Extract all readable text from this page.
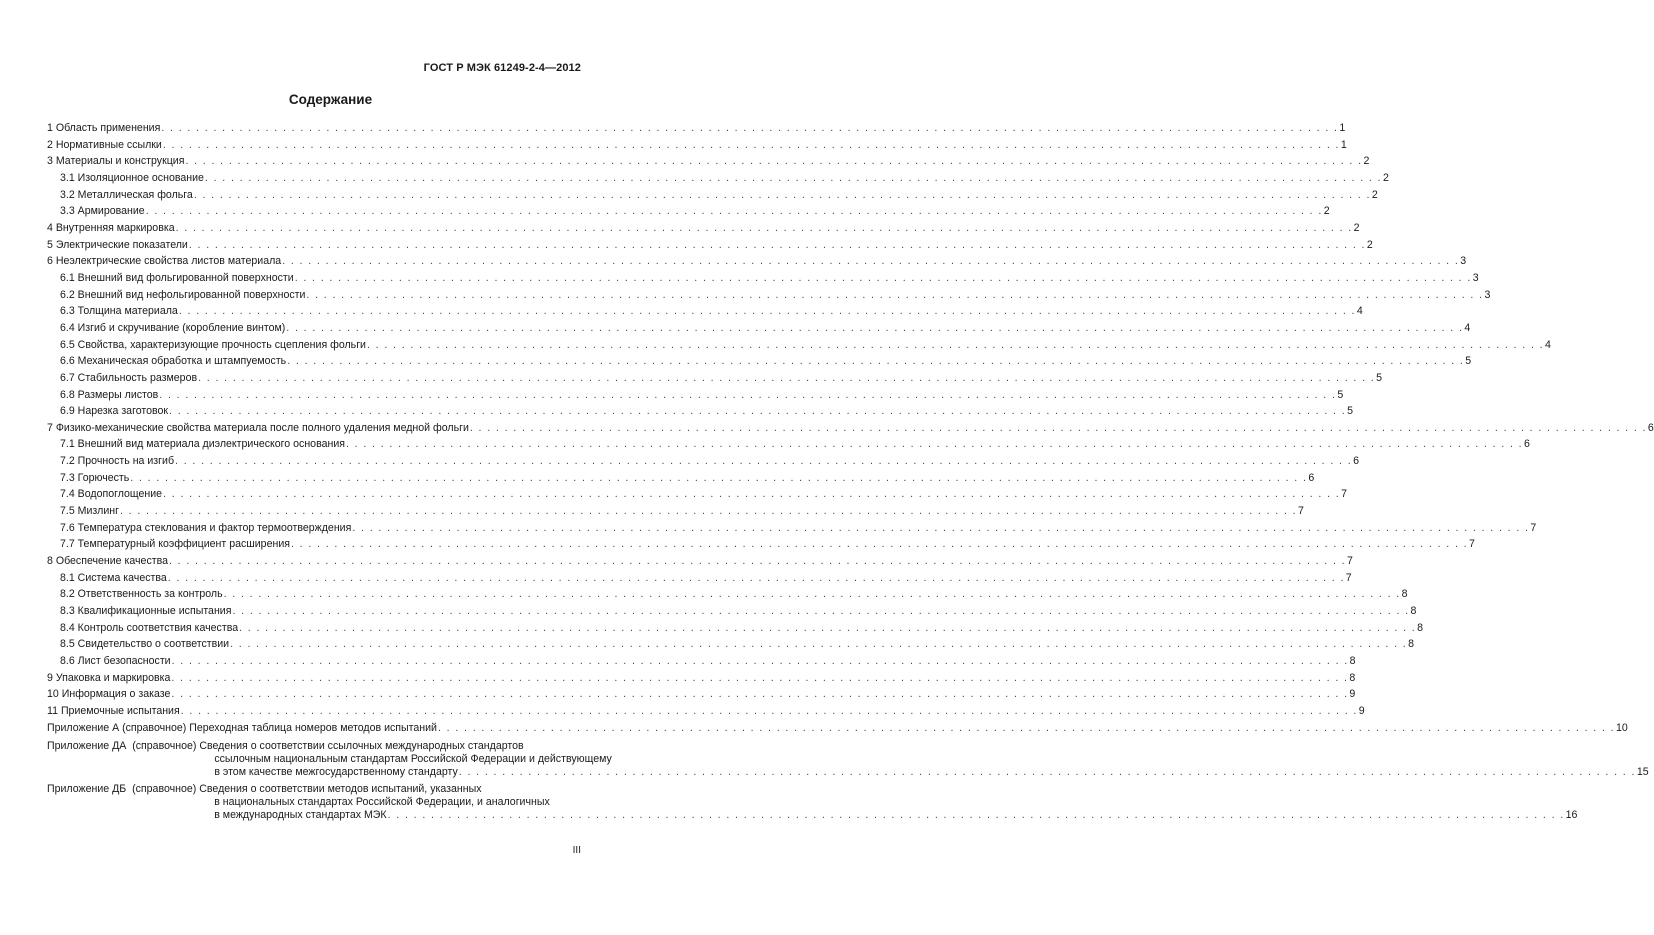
ГОСТ Р МЭК 61249-2-4—2012
Содержание
1 Область применения . . . . . . . . . . . . . . . . . . . . . . . . . . . . . . . . . . . . . . . . . . . . . . . . . . . . . . . . . . . . . . . . . . . . . . . . . . . . . . . . . . . . . . . . . . . . . . . . . . . . . . . . . . . . . . . . . . . . . . . . . . . . . . . . . . . . . . . . 1
2 Нормативные ссылки . . . . . . . . . . . . . . . . . . . . . . . . . . . . . . . . . . . . . . . . . . . . . . . . . . . . . . . . . . . . . . . . . . . . . . . . . . . . . . . . . . . . . . . . . . . . . . . . . . . . . . . . . . . . . . . . . . . . . . . . . . . . . . . . . . . . . . . . 1
3 Материалы и конструкция . . . . . . . . . . . . . . . . . . . . . . . . . . . . . . . . . . . . . . . . . . . . . . . . . . . . . . . . . . . . . . . . . . . . . . . . . . . . . . . . . . . . . . . . . . . . . . . . . . . . . . . . . . . . . . . . . . . . . . . . . . . . . . . . . . . . . . . . 2
3.1 Изоляционное основание . . . . . . . . . . . . . . . . . . . . . . . . . . . . . . . . . . . . . . . . . . . . . . . . . . . . . . . . . . . . . . . . . . . . . . . . . . . . . . . . . . . . . . . . . . . . . . . . . . . . . . . . . . . . . . . . . . . . . . . . . . . . . . . . . . . . . . . . 2
3.2 Металлическая фольга . . . . . . . . . . . . . . . . . . . . . . . . . . . . . . . . . . . . . . . . . . . . . . . . . . . . . . . . . . . . . . . . . . . . . . . . . . . . . . . . . . . . . . . . . . . . . . . . . . . . . . . . . . . . . . . . . . . . . . . . . . . . . . . . . . . . . . . . 2
3.3 Армирование . . . . . . . . . . . . . . . . . . . . . . . . . . . . . . . . . . . . . . . . . . . . . . . . . . . . . . . . . . . . . . . . . . . . . . . . . . . . . . . . . . . . . . . . . . . . . . . . . . . . . . . . . . . . . . . . . . . . . . . . . . . . . . . . . . . . . . . . 2
4 Внутренняя маркировка . . . . . . . . . . . . . . . . . . . . . . . . . . . . . . . . . . . . . . . . . . . . . . . . . . . . . . . . . . . . . . . . . . . . . . . . . . . . . . . . . . . . . . . . . . . . . . . . . . . . . . . . . . . . . . . . . . . . . . . . . . . . . . . . . . . . . . . . 2
5 Электрические показатели . . . . . . . . . . . . . . . . . . . . . . . . . . . . . . . . . . . . . . . . . . . . . . . . . . . . . . . . . . . . . . . . . . . . . . . . . . . . . . . . . . . . . . . . . . . . . . . . . . . . . . . . . . . . . . . . . . . . . . . . . . . . . . . . . . . . . . . . 2
6 Неэлектрические свойства листов материала . . . . . . . . . . . . . . . . . . . . . . . . . . . . . . . . . . . . . . . . . . . . . . . . . . . . . . . . . . . . . . . . . . . . . . . . . . . . . . . . . . . . . . . . . . . . . . . . . . . . . . . . . . . . . . . . . . . . . . . . . . . . . . . . . . . . . . . . 3
6.1 Внешний вид фольгированной поверхности . . . . . . . . . . . . . . . . . . . . . . . . . . . . . . . . . . . . . . . . . . . . . . . . . . . . . . . . . . . . . . . . . . . . . . . . . . . . . . . . . . . . . . . . . . . . . . . . . . . . . . . . . . . . . . . . . . . . . . . . . . . . . . . . . . . . . . . . 3
6.2 Внешний вид нефольгированной поверхности . . . . . . . . . . . . . . . . . . . . . . . . . . . . . . . . . . . . . . . . . . . . . . . . . . . . . . . . . . . . . . . . . . . . . . . . . . . . . . . . . . . . . . . . . . . . . . . . . . . . . . . . . . . . . . . . . . . . . . . . . . . . . . . . . . . . . . . . 3
6.3 Толщина материала . . . . . . . . . . . . . . . . . . . . . . . . . . . . . . . . . . . . . . . . . . . . . . . . . . . . . . . . . . . . . . . . . . . . . . . . . . . . . . . . . . . . . . . . . . . . . . . . . . . . . . . . . . . . . . . . . . . . . . . . . . . . . . . . . . . . . . . . 4
6.4 Изгиб и скручивание (коробление винтом) . . . . . . . . . . . . . . . . . . . . . . . . . . . . . . . . . . . . . . . . . . . . . . . . . . . . . . . . . . . . . . . . . . . . . . . . . . . . . . . . . . . . . . . . . . . . . . . . . . . . . . . . . . . . . . . . . . . . . . . . . . . . . . . . . . . . . . . . 4
6.5 Свойства, характеризующие прочность сцепления фольги . . . . . . . . . . . . . . . . . . . . . . . . . . . . . . . . . . . . . . . . . . . . . . . . . . . . . . . . . . . . . . . . . . . . . . . . . . . . . . . . . . . . . . . . . . . . . . . . . . . . . . . . . . . . . . . . . . . . . . . . . . . . . . . . . . . . . . . . 4
6.6 Механическая обработка и штампуемость . . . . . . . . . . . . . . . . . . . . . . . . . . . . . . . . . . . . . . . . . . . . . . . . . . . . . . . . . . . . . . . . . . . . . . . . . . . . . . . . . . . . . . . . . . . . . . . . . . . . . . . . . . . . . . . . . . . . . . . . . . . . . . . . . . . . . . . . 5
6.7 Стабильность размеров . . . . . . . . . . . . . . . . . . . . . . . . . . . . . . . . . . . . . . . . . . . . . . . . . . . . . . . . . . . . . . . . . . . . . . . . . . . . . . . . . . . . . . . . . . . . . . . . . . . . . . . . . . . . . . . . . . . . . . . . . . . . . . . . . . . . . . . . 5
6.8 Размеры листов . . . . . . . . . . . . . . . . . . . . . . . . . . . . . . . . . . . . . . . . . . . . . . . . . . . . . . . . . . . . . . . . . . . . . . . . . . . . . . . . . . . . . . . . . . . . . . . . . . . . . . . . . . . . . . . . . . . . . . . . . . . . . . . . . . . . . . . . 5
6.9 Нарезка заготовок . . . . . . . . . . . . . . . . . . . . . . . . . . . . . . . . . . . . . . . . . . . . . . . . . . . . . . . . . . . . . . . . . . . . . . . . . . . . . . . . . . . . . . . . . . . . . . . . . . . . . . . . . . . . . . . . . . . . . . . . . . . . . . . . . . . . . . . . 5
7 Физико-механические свойства материала после полного удаления медной фольги . . . . . . . . . . . . . . . . . . . . . . . . . . . . . . . . . . . . . . . . . . . . . . . . . . . . . . . . . . . . . . . . . . . . . . . . . . . . . . . . . . . . . . . . . . . . . . . . . . . . . . . . . . . . . . . . . . . . . . . . . . . . . . . . . . . . . . . . 6
7.1 Внешний вид материала диэлектрического основания . . . . . . . . . . . . . . . . . . . . . . . . . . . . . . . . . . . . . . . . . . . . . . . . . . . . . . . . . . . . . . . . . . . . . . . . . . . . . . . . . . . . . . . . . . . . . . . . . . . . . . . . . . . . . . . . . . . . . . . . . . . . . . . . . . . . . . . . 6
7.2 Прочность на изгиб . . . . . . . . . . . . . . . . . . . . . . . . . . . . . . . . . . . . . . . . . . . . . . . . . . . . . . . . . . . . . . . . . . . . . . . . . . . . . . . . . . . . . . . . . . . . . . . . . . . . . . . . . . . . . . . . . . . . . . . . . . . . . . . . . . . . . . . . 6
7.3 Горючесть . . . . . . . . . . . . . . . . . . . . . . . . . . . . . . . . . . . . . . . . . . . . . . . . . . . . . . . . . . . . . . . . . . . . . . . . . . . . . . . . . . . . . . . . . . . . . . . . . . . . . . . . . . . . . . . . . . . . . . . . . . . . . . . . . . . . . . . . 6
7.4 Водопоглощение . . . . . . . . . . . . . . . . . . . . . . . . . . . . . . . . . . . . . . . . . . . . . . . . . . . . . . . . . . . . . . . . . . . . . . . . . . . . . . . . . . . . . . . . . . . . . . . . . . . . . . . . . . . . . . . . . . . . . . . . . . . . . . . . . . . . . . . . 7
7.5 Мизлинг . . . . . . . . . . . . . . . . . . . . . . . . . . . . . . . . . . . . . . . . . . . . . . . . . . . . . . . . . . . . . . . . . . . . . . . . . . . . . . . . . . . . . . . . . . . . . . . . . . . . . . . . . . . . . . . . . . . . . . . . . . . . . . . . . . . . . . . . 7
7.6 Температура стеклования и фактор термоотверждения . . . . . . . . . . . . . . . . . . . . . . . . . . . . . . . . . . . . . . . . . . . . . . . . . . . . . . . . . . . . . . . . . . . . . . . . . . . . . . . . . . . . . . . . . . . . . . . . . . . . . . . . . . . . . . . . . . . . . . . . . . . . . . . . . . . . . . . . 7
7.7 Температурный коэффициент расширения . . . . . . . . . . . . . . . . . . . . . . . . . . . . . . . . . . . . . . . . . . . . . . . . . . . . . . . . . . . . . . . . . . . . . . . . . . . . . . . . . . . . . . . . . . . . . . . . . . . . . . . . . . . . . . . . . . . . . . . . . . . . . . . . . . . . . . . . 7
8 Обеспечение качества . . . . . . . . . . . . . . . . . . . . . . . . . . . . . . . . . . . . . . . . . . . . . . . . . . . . . . . . . . . . . . . . . . . . . . . . . . . . . . . . . . . . . . . . . . . . . . . . . . . . . . . . . . . . . . . . . . . . . . . . . . . . . . . . . . . . . . . . 7
8.1 Система качества . . . . . . . . . . . . . . . . . . . . . . . . . . . . . . . . . . . . . . . . . . . . . . . . . . . . . . . . . . . . . . . . . . . . . . . . . . . . . . . . . . . . . . . . . . . . . . . . . . . . . . . . . . . . . . . . . . . . . . . . . . . . . . . . . . . . . . . . 7
8.2 Ответственность за контроль . . . . . . . . . . . . . . . . . . . . . . . . . . . . . . . . . . . . . . . . . . . . . . . . . . . . . . . . . . . . . . . . . . . . . . . . . . . . . . . . . . . . . . . . . . . . . . . . . . . . . . . . . . . . . . . . . . . . . . . . . . . . . . . . . . . . . . . . 8
8.3 Квалификационные испытания . . . . . . . . . . . . . . . . . . . . . . . . . . . . . . . . . . . . . . . . . . . . . . . . . . . . . . . . . . . . . . . . . . . . . . . . . . . . . . . . . . . . . . . . . . . . . . . . . . . . . . . . . . . . . . . . . . . . . . . . . . . . . . . . . . . . . . . . 8
8.4 Контроль соответствия качества . . . . . . . . . . . . . . . . . . . . . . . . . . . . . . . . . . . . . . . . . . . . . . . . . . . . . . . . . . . . . . . . . . . . . . . . . . . . . . . . . . . . . . . . . . . . . . . . . . . . . . . . . . . . . . . . . . . . . . . . . . . . . . . . . . . . . . . . 8
8.5 Свидетельство о соответствии . . . . . . . . . . . . . . . . . . . . . . . . . . . . . . . . . . . . . . . . . . . . . . . . . . . . . . . . . . . . . . . . . . . . . . . . . . . . . . . . . . . . . . . . . . . . . . . . . . . . . . . . . . . . . . . . . . . . . . . . . . . . . . . . . . . . . . . . 8
8.6 Лист безопасности . . . . . . . . . . . . . . . . . . . . . . . . . . . . . . . . . . . . . . . . . . . . . . . . . . . . . . . . . . . . . . . . . . . . . . . . . . . . . . . . . . . . . . . . . . . . . . . . . . . . . . . . . . . . . . . . . . . . . . . . . . . . . . . . . . . . . . . . 8
9 Упаковка и маркировка . . . . . . . . . . . . . . . . . . . . . . . . . . . . . . . . . . . . . . . . . . . . . . . . . . . . . . . . . . . . . . . . . . . . . . . . . . . . . . . . . . . . . . . . . . . . . . . . . . . . . . . . . . . . . . . . . . . . . . . . . . . . . . . . . . . . . . . . 8
10 Информация о заказе . . . . . . . . . . . . . . . . . . . . . . . . . . . . . . . . . . . . . . . . . . . . . . . . . . . . . . . . . . . . . . . . . . . . . . . . . . . . . . . . . . . . . . . . . . . . . . . . . . . . . . . . . . . . . . . . . . . . . . . . . . . . . . . . . . . . . . . . 9
11 Приемочные испытания . . . . . . . . . . . . . . . . . . . . . . . . . . . . . . . . . . . . . . . . . . . . . . . . . . . . . . . . . . . . . . . . . . . . . . . . . . . . . . . . . . . . . . . . . . . . . . . . . . . . . . . . . . . . . . . . . . . . . . . . . . . . . . . . . . . . . . . . 9
Приложение А (справочное) Переходная таблица номеров методов испытаний . . . . . . . . . . . . . . . . . . . . . . . . . . . . . . . . . . . . . . . . . . . . . . . . . . . . . . . . . . . . . . . . . . . . . . . . . . . . . . . . . . . . . . . . . . . . . . . . . . . . . . . . . . . . . . . . . . . . . . . . . . . . . . . . . . . . . . . . 10
Приложение ДА
(справочное) Сведения о соответствии ссылочных международных стандартов
ссылочным национальным стандартам Российской Федерации и действующему
в этом качестве межгосударственному стандарту . . . . . . . . . . . . . . . . . . . . . . . . . . . . . . . . . . . . . . . . . . . . . . . . . . . . . . . . . . . . . . . . . . . . . . . . . . . . . . . . . . . . . . . . . . . . . . . . . . . . . . . . . . . . . . . . . . . . . . . . . . . . . . . . . . . . . . . . 15
Приложение ДБ
(справочное) Сведения о соответствии методов испытаний, указанных
в национальных стандартах Российской Федерации, и аналогичных
в международных стандартах МЭК . . . . . . . . . . . . . . . . . . . . . . . . . . . . . . . . . . . . . . . . . . . . . . . . . . . . . . . . . . . . . . . . . . . . . . . . . . . . . . . . . . . . . . . . . . . . . . . . . . . . . . . . . . . . . . . . . . . . . . . . . . . . . . . . . . . . . . . . 16
III
